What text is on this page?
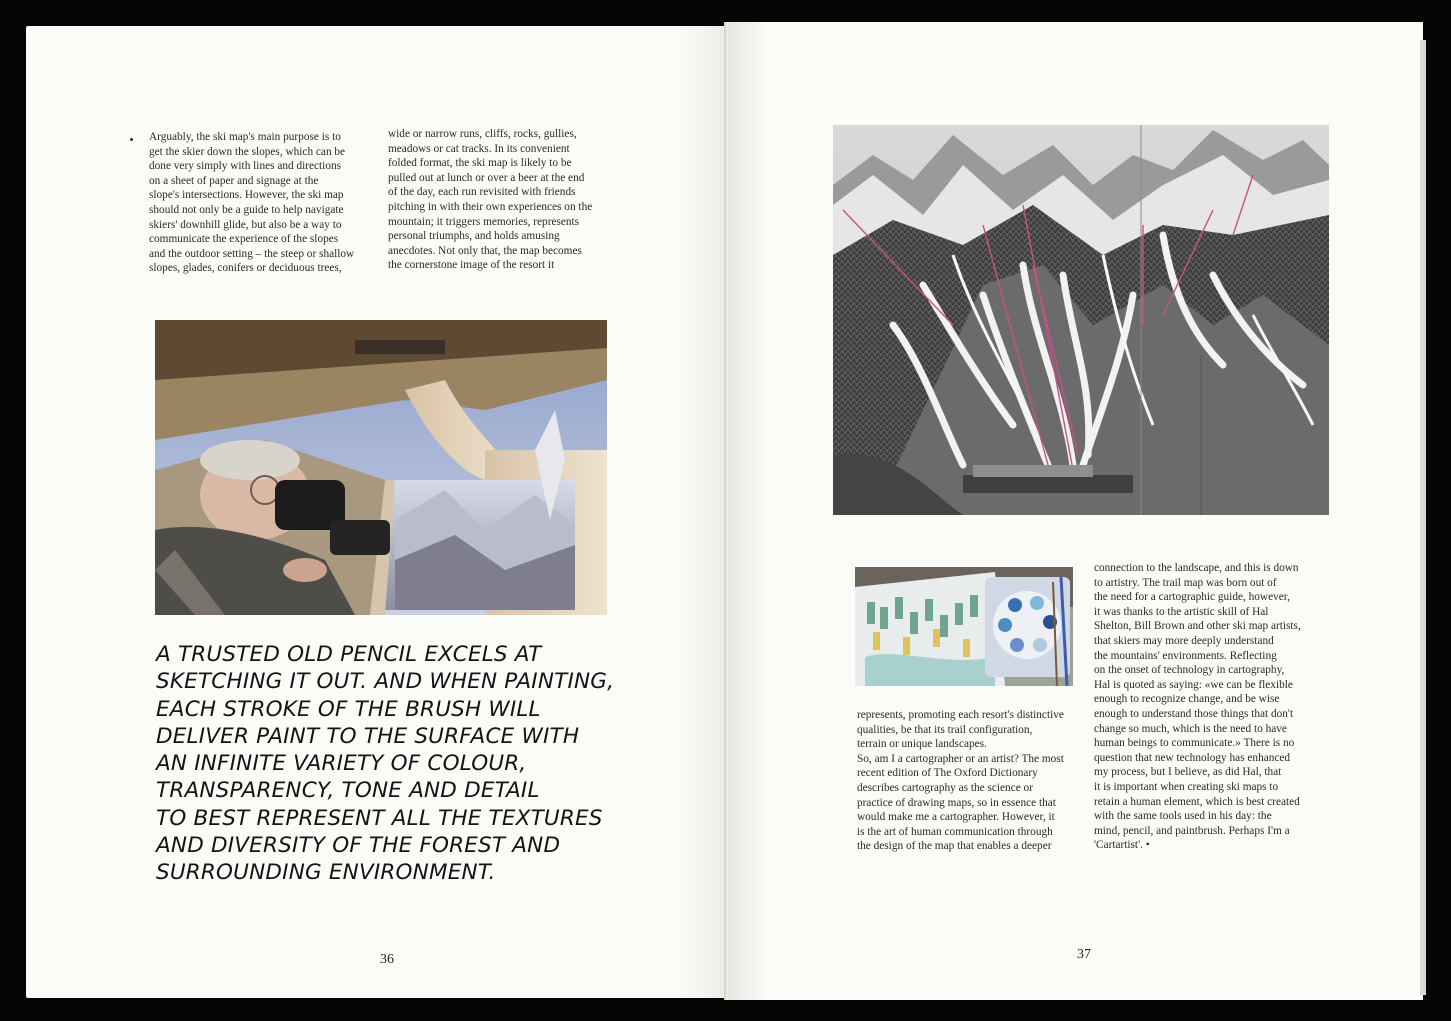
Arguably, the ski map's main purpose is to
get the skier down the slopes, which can be
done very simply with lines and directions
on a sheet of paper and signage at the
slope's intersections. However, the ski map
should not only be a guide to help navigate
skiers' downhill glide, but also be a way to
communicate the experience of the slopes
and the outdoor setting – the steep or shallow
slopes, glades, conifers or deciduous trees,

wide or narrow runs, cliffs, rocks, gullies,
meadows or cat tracks. In its convenient
folded format, the ski map is likely to be
pulled out at lunch or over a beer at the end
of the day, each run revisited with friends
pitching in with their own experiences on the
mountain; it triggers memories, represents
personal triumphs, and holds amusing
anecdotes. Not only that, the map becomes
the cornerstone image of the resort it

A TRUSTED OLD PENCIL EXCELS AT
SKETCHING IT OUT. AND WHEN PAINTING,
EACH STROKE OF THE BRUSH WILL
DELIVER PAINT TO THE SURFACE WITH
AN INFINITE VARIETY OF COLOUR,
TRANSPARENCY, TONE AND DETAIL
TO BEST REPRESENT ALL THE TEXTURES
AND DIVERSITY OF THE FOREST AND
SURROUNDING ENVIRONMENT.

36

represents, promoting each resort's distinctive
qualities, be that its trail configuration,
terrain or unique landscapes.
So, am I a cartographer or an artist? The most
recent edition of The Oxford Dictionary
describes cartography as the science or
practice of drawing maps, so in essence that
would make me a cartographer. However, it
is the art of human communication through
the design of the map that enables a deeper

connection to the landscape, and this is down
to artistry. The trail map was born out of
the need for a cartographic guide, however,
it was thanks to the artistic skill of Hal
Shelton, Bill Brown and other ski map artists,
that skiers may more deeply understand
the mountains' environments. Reflecting
on the onset of technology in cartography,
Hal is quoted as saying: «we can be flexible
enough to recognize change, and be wise
enough to understand those things that don't
change so much, which is the need to have
human beings to communicate.» There is no
question that new technology has enhanced
my process, but I believe, as did Hal, that
it is important when creating ski maps to
retain a human element, which is best created
with the same tools used in his day: the
mind, pencil, and paintbrush. Perhaps I'm a
'Cartartist'. •

37
